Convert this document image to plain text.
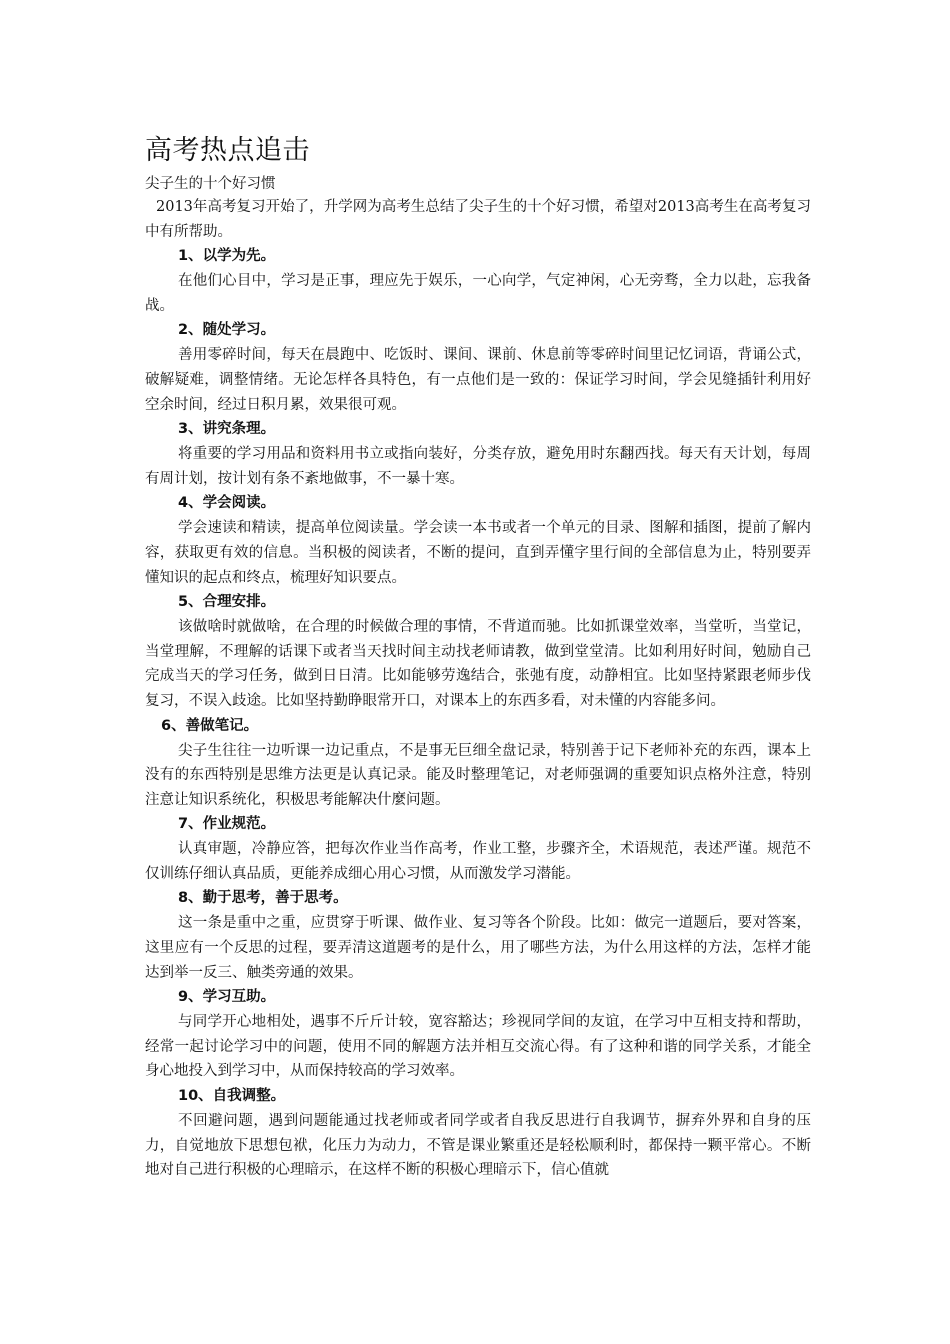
高考热点追击

尖子生的十个好习惯

2013年高考复习开始了，升学网为高考生总结了尖子生的十个好习惯，希望对2013高考生在高考复习中有所帮助。

1、以学为先。

在他们心目中，学习是正事，理应先于娱乐，一心向学，气定神闲，心无旁骛，全力以赴，忘我备战。

2、随处学习。

善用零碎时间，每天在晨跑中、吃饭时、课间、课前、休息前等零碎时间里记忆词语，背诵公式，破解疑难，调整情绪。无论怎样各具特色，有一点他们是一致的：保证学习时间，学会见缝插针利用好空余时间，经过日积月累，效果很可观。

3、讲究条理。

将重要的学习用品和资料用书立或指向装好，分类存放，避免用时东翻西找。每天有天计划，每周有周计划，按计划有条不紊地做事，不一暴十寒。

4、学会阅读。

学会速读和精读，提高单位阅读量。学会读一本书或者一个单元的目录、图解和插图，提前了解内容，获取更有效的信息。当积极的阅读者，不断的提问，直到弄懂字里行间的全部信息为止，特别要弄懂知识的起点和终点，梳理好知识要点。

5、合理安排。

该做啥时就做啥，在合理的时候做合理的事情，不背道而驰。比如抓课堂效率，当堂听，当堂记，当堂理解，不理解的话课下或者当天找时间主动找老师请教，做到堂堂清。比如利用好时间，勉励自己完成当天的学习任务，做到日日清。比如能够劳逸结合，张弛有度，动静相宜。比如坚持紧跟老师步伐复习，不误入歧途。比如坚持勤睁眼常开口，对课本上的东西多看，对未懂的内容能多问。

6、善做笔记。

尖子生往往一边听课一边记重点，不是事无巨细全盘记录，特别善于记下老师补充的东西，课本上没有的东西特别是思维方法更是认真记录。能及时整理笔记，对老师强调的重要知识点格外注意，特别注意让知识系统化，积极思考能解决什麼问题。

7、作业规范。

认真审题，冷静应答，把每次作业当作高考，作业工整，步骤齐全，术语规范，表述严谨。规范不仅训练仔细认真品质，更能养成细心用心习惯，从而激发学习潜能。

8、勤于思考，善于思考。

这一条是重中之重，应贯穿于听课、做作业、复习等各个阶段。比如：做完一道题后，要对答案，这里应有一个反思的过程，要弄清这道题考的是什么，用了哪些方法，为什么用这样的方法，怎样才能达到举一反三、触类旁通的效果。

9、学习互助。

与同学开心地相处，遇事不斤斤计较，宽容豁达；珍视同学间的友谊，在学习中互相支持和帮助，经常一起讨论学习中的问题，使用不同的解题方法并相互交流心得。有了这种和谐的同学关系，才能全身心地投入到学习中，从而保持较高的学习效率。

10、自我调整。

不回避问题，遇到问题能通过找老师或者同学或者自我反思进行自我调节，摒弃外界和自身的压力，自觉地放下思想包袱，化压力为动力，不管是课业繁重还是轻松顺利时，都保持一颗平常心。不断地对自己进行积极的心理暗示，在这样不断的积极心理暗示下，信心值就
